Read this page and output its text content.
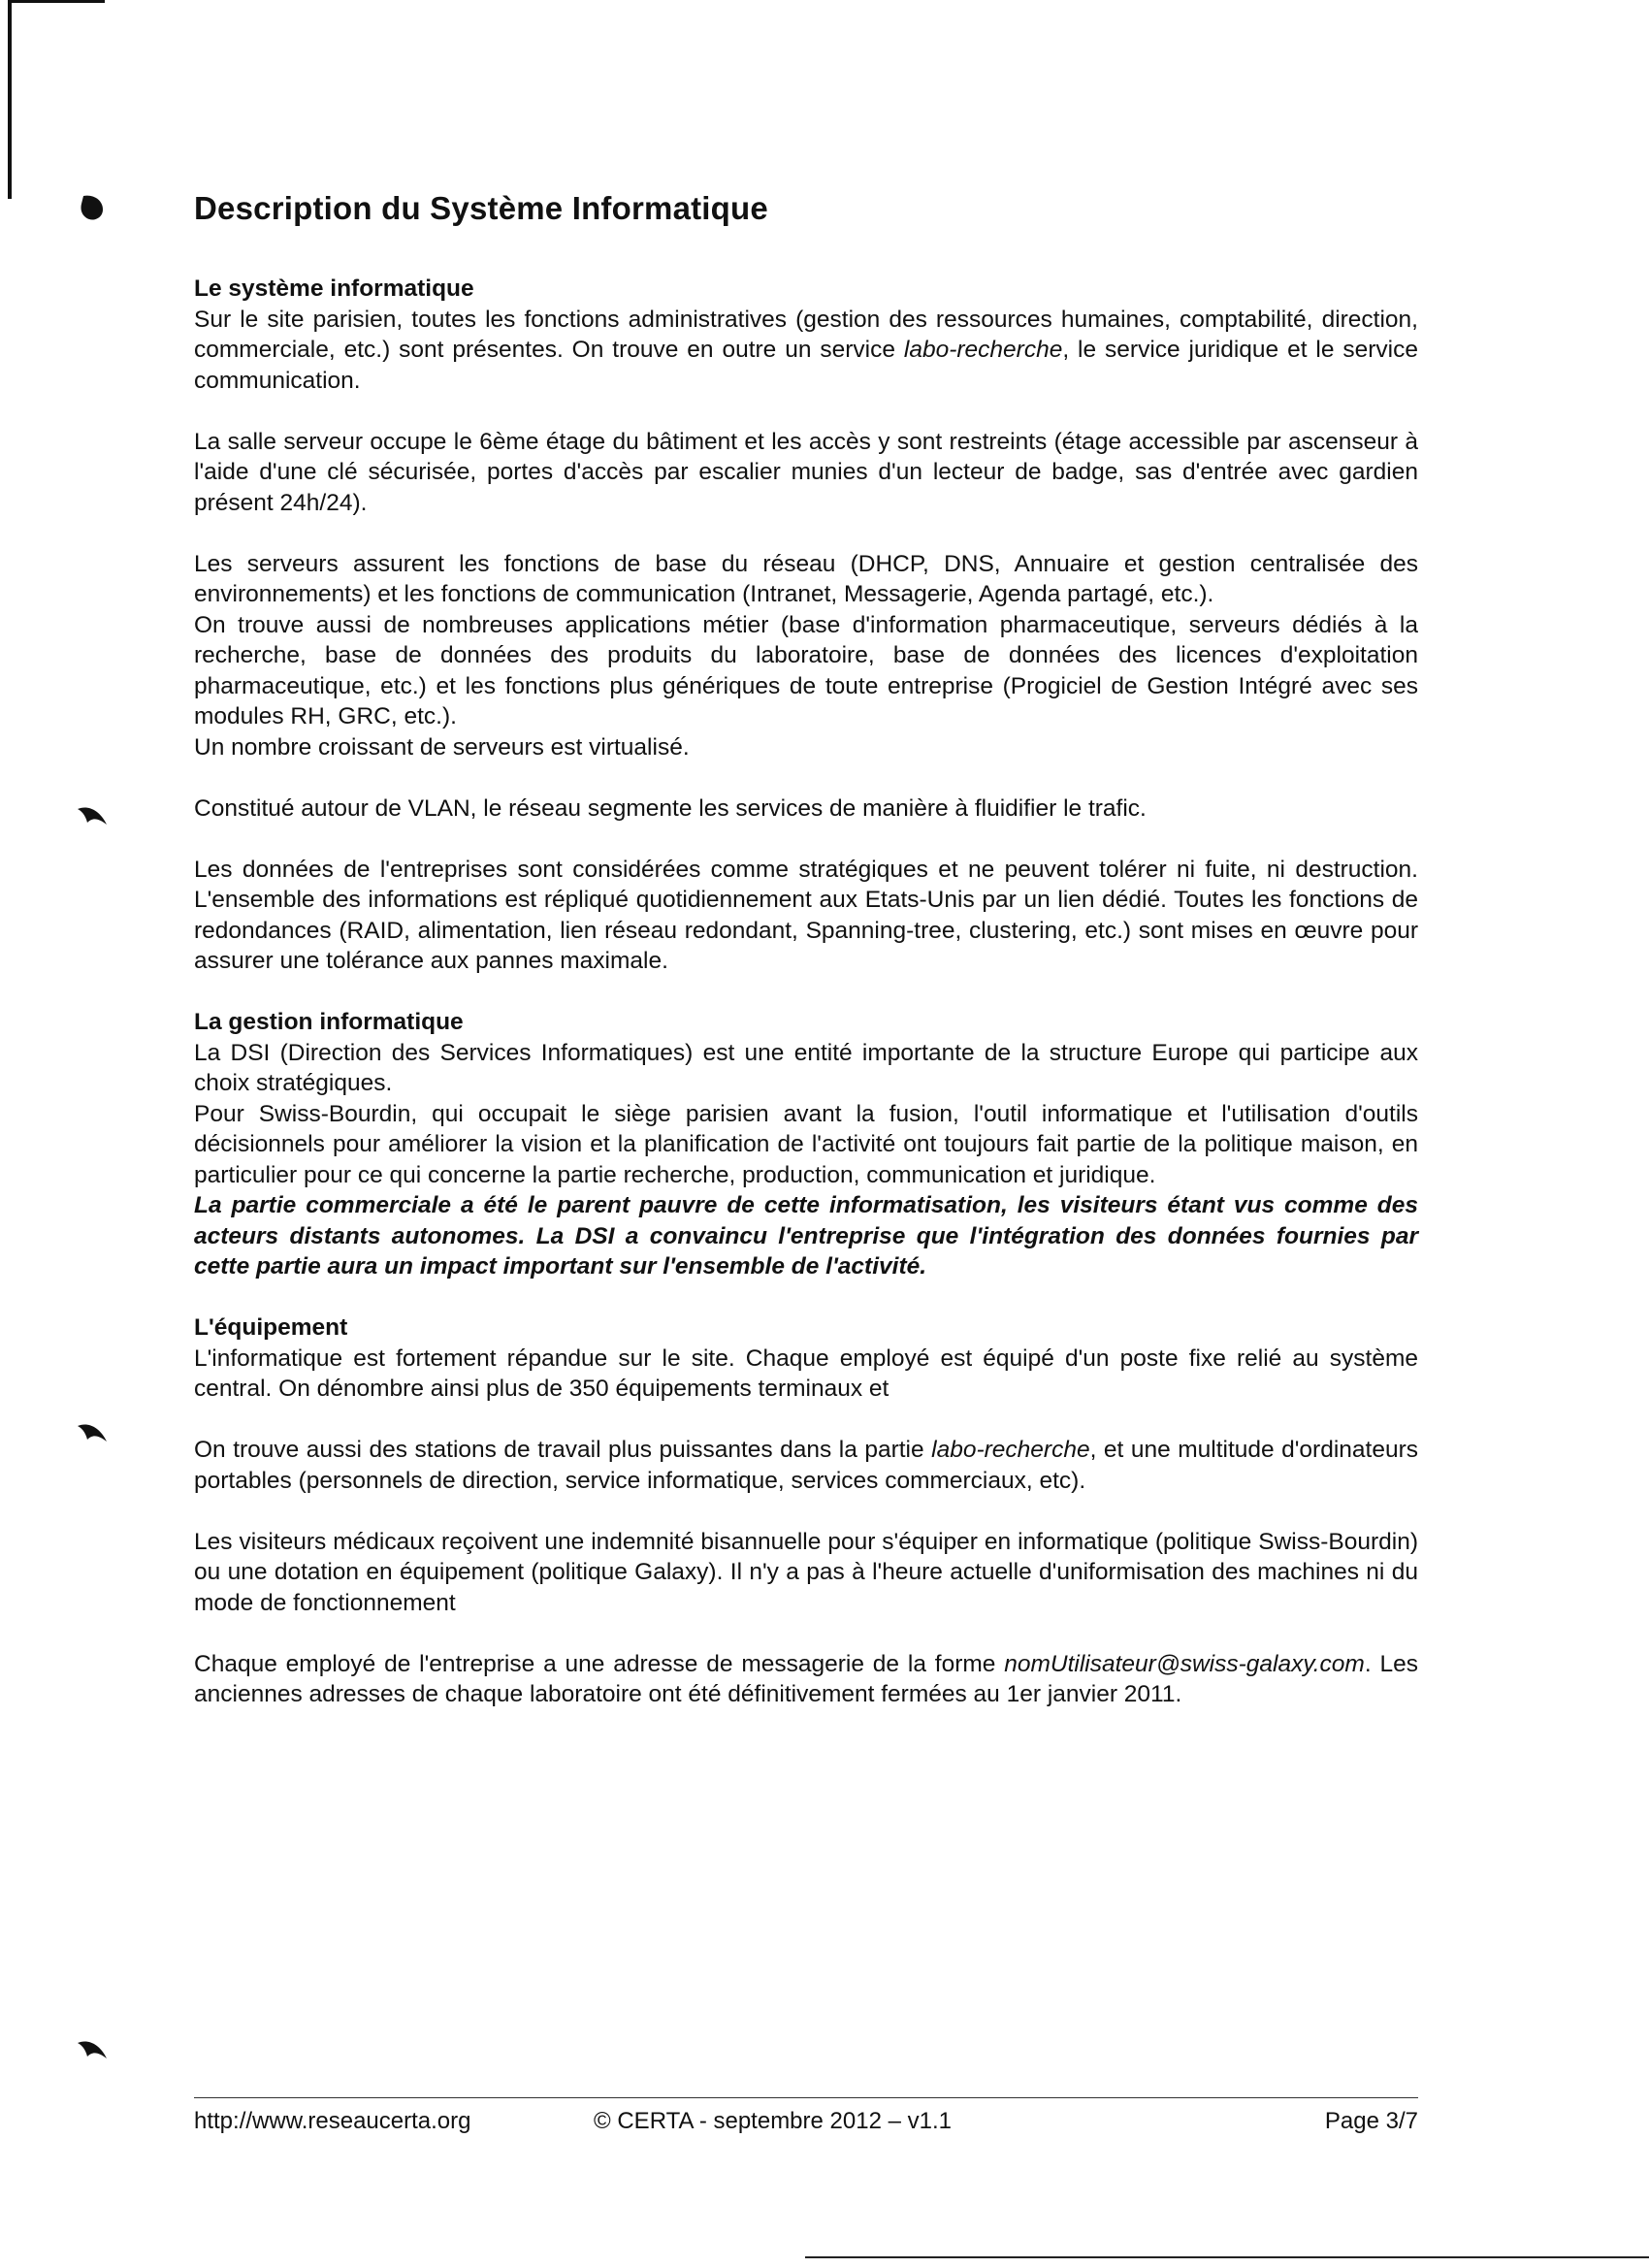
Description du Système Informatique
Le système informatique

Sur le site parisien, toutes les fonctions administratives (gestion des ressources humaines, comptabilité, direction, commerciale, etc.) sont présentes. On trouve en outre un service labo-recherche, le service juridique et le service communication.

La salle serveur occupe le 6ème étage du bâtiment et les accès y sont restreints (étage accessible par ascenseur à l'aide d'une clé sécurisée, portes d'accès par escalier munies d'un lecteur de badge, sas d'entrée avec gardien présent 24h/24).

Les serveurs assurent les fonctions de base du réseau (DHCP, DNS, Annuaire et gestion centralisée des environnements) et les fonctions de communication (Intranet, Messagerie, Agenda partagé, etc.).

On trouve aussi de nombreuses applications métier (base d'information pharmaceutique, serveurs dédiés à la recherche, base de données des produits du laboratoire, base de données des licences d'exploitation pharmaceutique, etc.) et les fonctions plus génériques de toute entreprise (Progiciel de Gestion Intégré avec ses modules RH, GRC, etc.).

Un nombre croissant de serveurs est virtualisé.

Constitué autour de VLAN, le réseau segmente les services de manière à fluidifier le trafic.

Les données de l'entreprises sont considérées comme stratégiques et ne peuvent tolérer ni fuite, ni destruction. L'ensemble des informations est répliqué quotidiennement aux Etats-Unis par un lien dédié. Toutes les fonctions de redondances (RAID, alimentation, lien réseau redondant, Spanning-tree, clustering, etc.) sont mises en œuvre pour assurer une tolérance aux pannes maximale.

La gestion informatique

La DSI (Direction des Services Informatiques) est une entité importante de la structure Europe qui participe aux choix stratégiques.

Pour Swiss-Bourdin, qui occupait le siège parisien avant la fusion, l'outil informatique et l'utilisation d'outils décisionnels pour améliorer la vision et la planification de l'activité ont toujours fait partie de la politique maison, en particulier pour ce qui concerne la partie recherche, production, communication et juridique.

La partie commerciale a été le parent pauvre de cette informatisation, les visiteurs étant vus comme des acteurs distants autonomes. La DSI a convaincu l'entreprise que l'intégration des données fournies par cette partie aura un impact important sur l'ensemble de l'activité.

L'équipement

L'informatique est fortement répandue sur le site. Chaque employé est équipé d'un poste fixe relié au système central. On dénombre ainsi plus de 350 équipements terminaux et

On trouve aussi des stations de travail plus puissantes dans la partie labo-recherche, et une multitude d'ordinateurs portables (personnels de direction, service informatique, services commerciaux, etc).

Les visiteurs médicaux reçoivent une indemnité bisannuelle pour s'équiper en informatique (politique Swiss-Bourdin) ou une dotation en équipement (politique Galaxy). Il n'y a pas à l'heure actuelle d'uniformisation des machines ni du mode de fonctionnement

Chaque employé de l'entreprise a une adresse de messagerie de la forme nomUtilisateur@swiss-galaxy.com. Les anciennes adresses de chaque laboratoire ont été définitivement fermées au 1er janvier 2011.

http://www.reseaucerta.org	© CERTA - septembre 2012 – v1.1	Page 3/7
